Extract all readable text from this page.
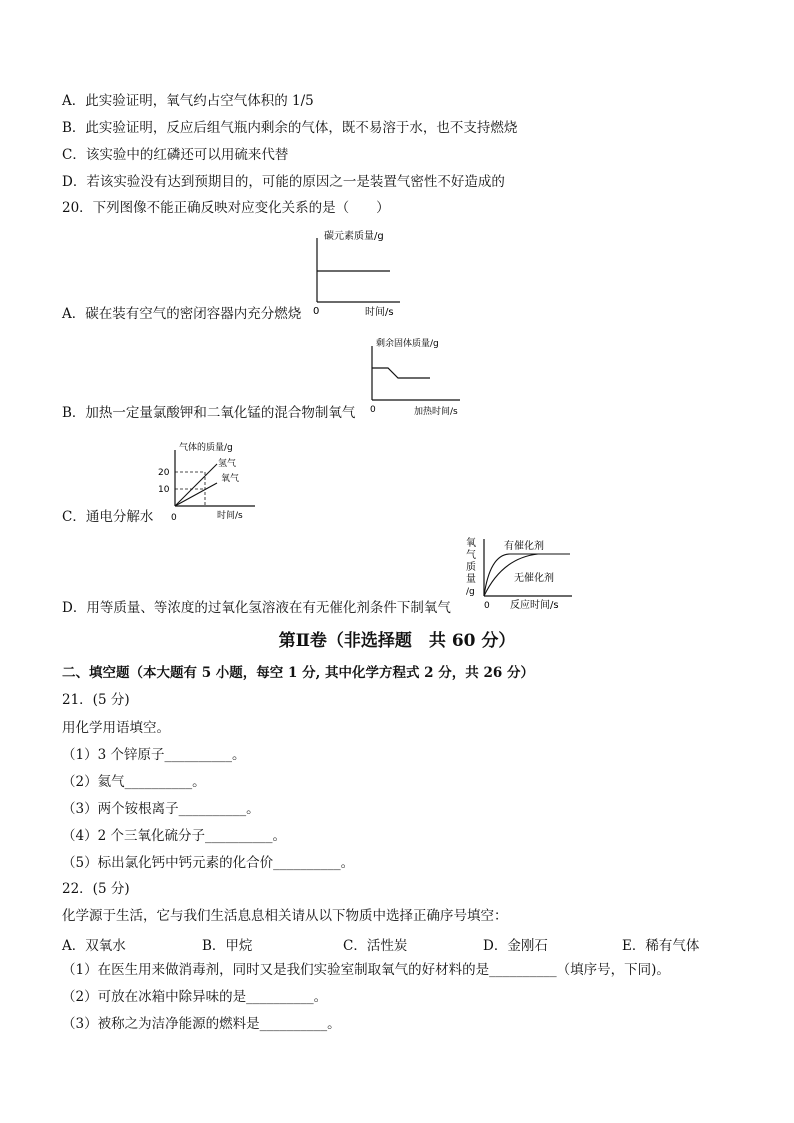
A．此实验证明，氧气约占空气体积的 1/5
B．此实验证明，反应后组气瓶内剩余的气体，既不易溶于水，也不支持燃烧
C．该实验中的红磷还可以用硫来代替
D．若该实验没有达到预期目的，可能的原因之一是装置气密性不好造成的
20．下列图像不能正确反映对应变化关系的是（　　）
碳元素质量/g
0	时间/s
A．碳在装有空气的密闭容器内充分燃烧
剩余固体质量/g
0	加热时间/s
B．加热一定量氯酸钾和二氧化锰的混合物制氧气
气体的质量/g
20
10
氢气
氧气
0	时间/s
C．通电分解水
氧
气
质
量
/g
有催化剂
无催化剂
0 反应时间/s
D．用等质量、等浓度的过氧化氢溶液在有无催化剂条件下制氧气
第Ⅱ卷（非选择题　共 60 分）
二、填空题（本大题有 5 小题，每空 1 分, 其中化学方程式 2 分，共 26 分）
21．(5 分)
用化学用语填空。
（1）3 个锌原子__________。
（2）氦气__________。
（3）两个铵根离子__________。
（4）2 个三氧化硫分子__________。
（5）标出氯化钙中钙元素的化合价__________。
22．(5 分)
化学源于生活，它与我们生活息息相关请从以下物质中选择正确序号填空：
A．双氧水	B．甲烷	C．活性炭	D．金刚石	E．稀有气体
（1）在医生用来做消毒剂，同时又是我们实验室制取氧气的好材料的是__________（填序号，下同)。
（2）可放在冰箱中除异味的是__________。
（3）被称之为洁净能源的燃料是__________。
